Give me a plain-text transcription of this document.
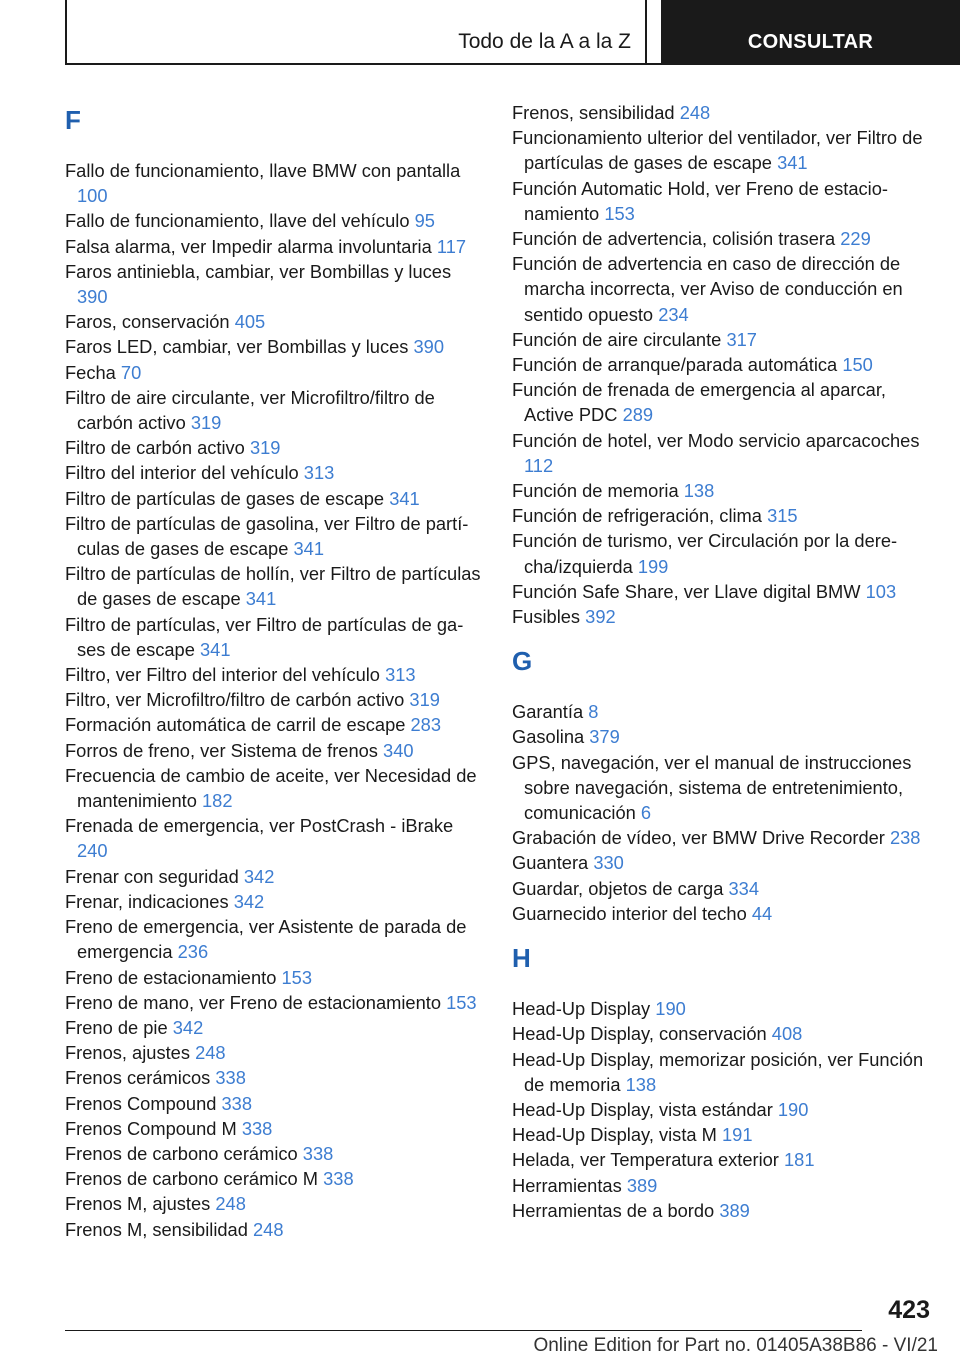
Todo de la A a la Z	CONSULTAR
F
Fallo de funcionamiento, llave BMW con pantalla 100
Fallo de funcionamiento, llave del vehículo 95
Falsa alarma, ver Impedir alarma involuntaria 117
Faros antiniebla, cambiar, ver Bombillas y luces 390
Faros, conservación 405
Faros LED, cambiar, ver Bombillas y luces 390
Fecha 70
Filtro de aire circulante, ver Microfiltro/filtro de carbón activo 319
Filtro de carbón activo 319
Filtro del interior del vehículo 313
Filtro de partículas de gases de escape 341
Filtro de partículas de gasolina, ver Filtro de partículas de gases de escape 341
Filtro de partículas de hollín, ver Filtro de partículas de gases de escape 341
Filtro de partículas, ver Filtro de partículas de gases de escape 341
Filtro, ver Filtro del interior del vehículo 313
Filtro, ver Microfiltro/filtro de carbón activo 319
Formación automática de carril de escape 283
Forros de freno, ver Sistema de frenos 340
Frecuencia de cambio de aceite, ver Necesidad de mantenimiento 182
Frenada de emergencia, ver PostCrash - iBrake 240
Frenar con seguridad 342
Frenar, indicaciones 342
Freno de emergencia, ver Asistente de parada de emergencia 236
Freno de estacionamiento 153
Freno de mano, ver Freno de estacionamiento 153
Freno de pie 342
Frenos, ajustes 248
Frenos cerámicos 338
Frenos Compound 338
Frenos Compound M 338
Frenos de carbono cerámico 338
Frenos de carbono cerámico M 338
Frenos M, ajustes 248
Frenos M, sensibilidad 248
Frenos, sensibilidad 248
Funcionamiento ulterior del ventilador, ver Filtro de partículas de gases de escape 341
Función Automatic Hold, ver Freno de estacionamiento 153
Función de advertencia, colisión trasera 229
Función de advertencia en caso de dirección de marcha incorrecta, ver Aviso de conducción en sentido opuesto 234
Función de aire circulante 317
Función de arranque/parada automática 150
Función de frenada de emergencia al aparcar, Active PDC 289
Función de hotel, ver Modo servicio aparcacoches 112
Función de memoria 138
Función de refrigeración, clima 315
Función de turismo, ver Circulación por la derecha/izquierda 199
Función Safe Share, ver Llave digital BMW 103
Fusibles 392
G
Garantía 8
Gasolina 379
GPS, navegación, ver el manual de instrucciones sobre navegación, sistema de entretenimiento, comunicación 6
Grabación de vídeo, ver BMW Drive Recorder 238
Guantera 330
Guardar, objetos de carga 334
Guarnecido interior del techo 44
H
Head-Up Display 190
Head-Up Display, conservación 408
Head-Up Display, memorizar posición, ver Función de memoria 138
Head-Up Display, vista estándar 190
Head-Up Display, vista M 191
Helada, ver Temperatura exterior 181
Herramientas 389
Herramientas de a bordo 389
423
Online Edition for Part no. 01405A38B86 - VI/21
